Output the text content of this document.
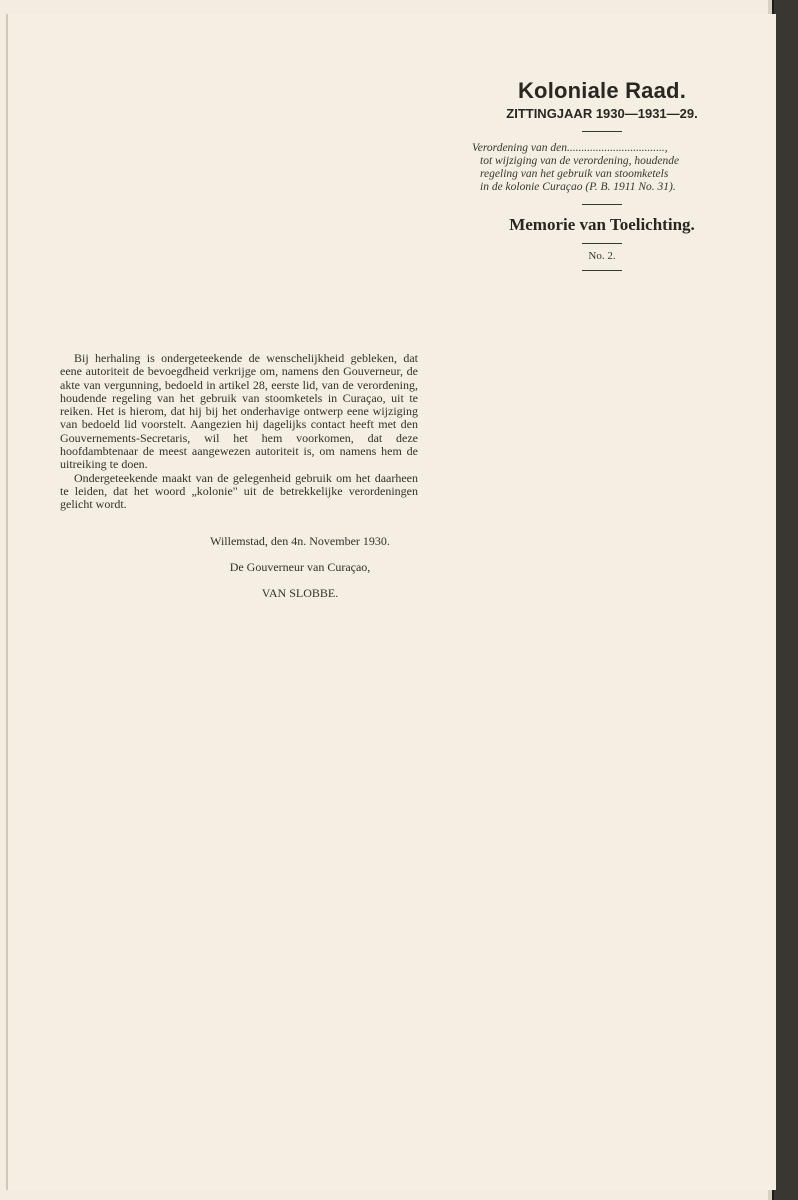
Koloniale Raad.
ZITTINGJAAR 1930—1931—29.
Verordening van den..................................,
tot wijziging van de verordening, houdende
regeling van het gebruik van stoomketels
in de kolonie Curaçao (P. B. 1911 No. 31).
Memorie van Toelichting.
No. 2.

Bij herhaling is ondergeteekende de wenschelijkheid gebleken, dat eene autoriteit de bevoegdheid verkrijge om, namens den Gouverneur, de akte van vergunning, bedoeld in artikel 28, eerste lid, van de verordening, houdende regeling van het gebruik van stoomketels in Curaçao, uit te reiken. Het is hierom, dat hij bij het onderhavige ontwerp eene wijziging van bedoeld lid voorstelt. Aangezien hij dagelijks contact heeft met den Gouvernements-Secretaris, wil het hem voorkomen, dat deze hoofdambtenaar de meest aangewezen autoriteit is, om namens hem de uitreiking te doen.

Ondergeteekende maakt van de gelegenheid gebruik om het daarheen te leiden, dat het woord „kolonie" uit de betrekkelijke verordeningen gelicht wordt.

Willemstad, den 4n. November 1930.
De Gouverneur van Curaçao,
VAN SLOBBE.
